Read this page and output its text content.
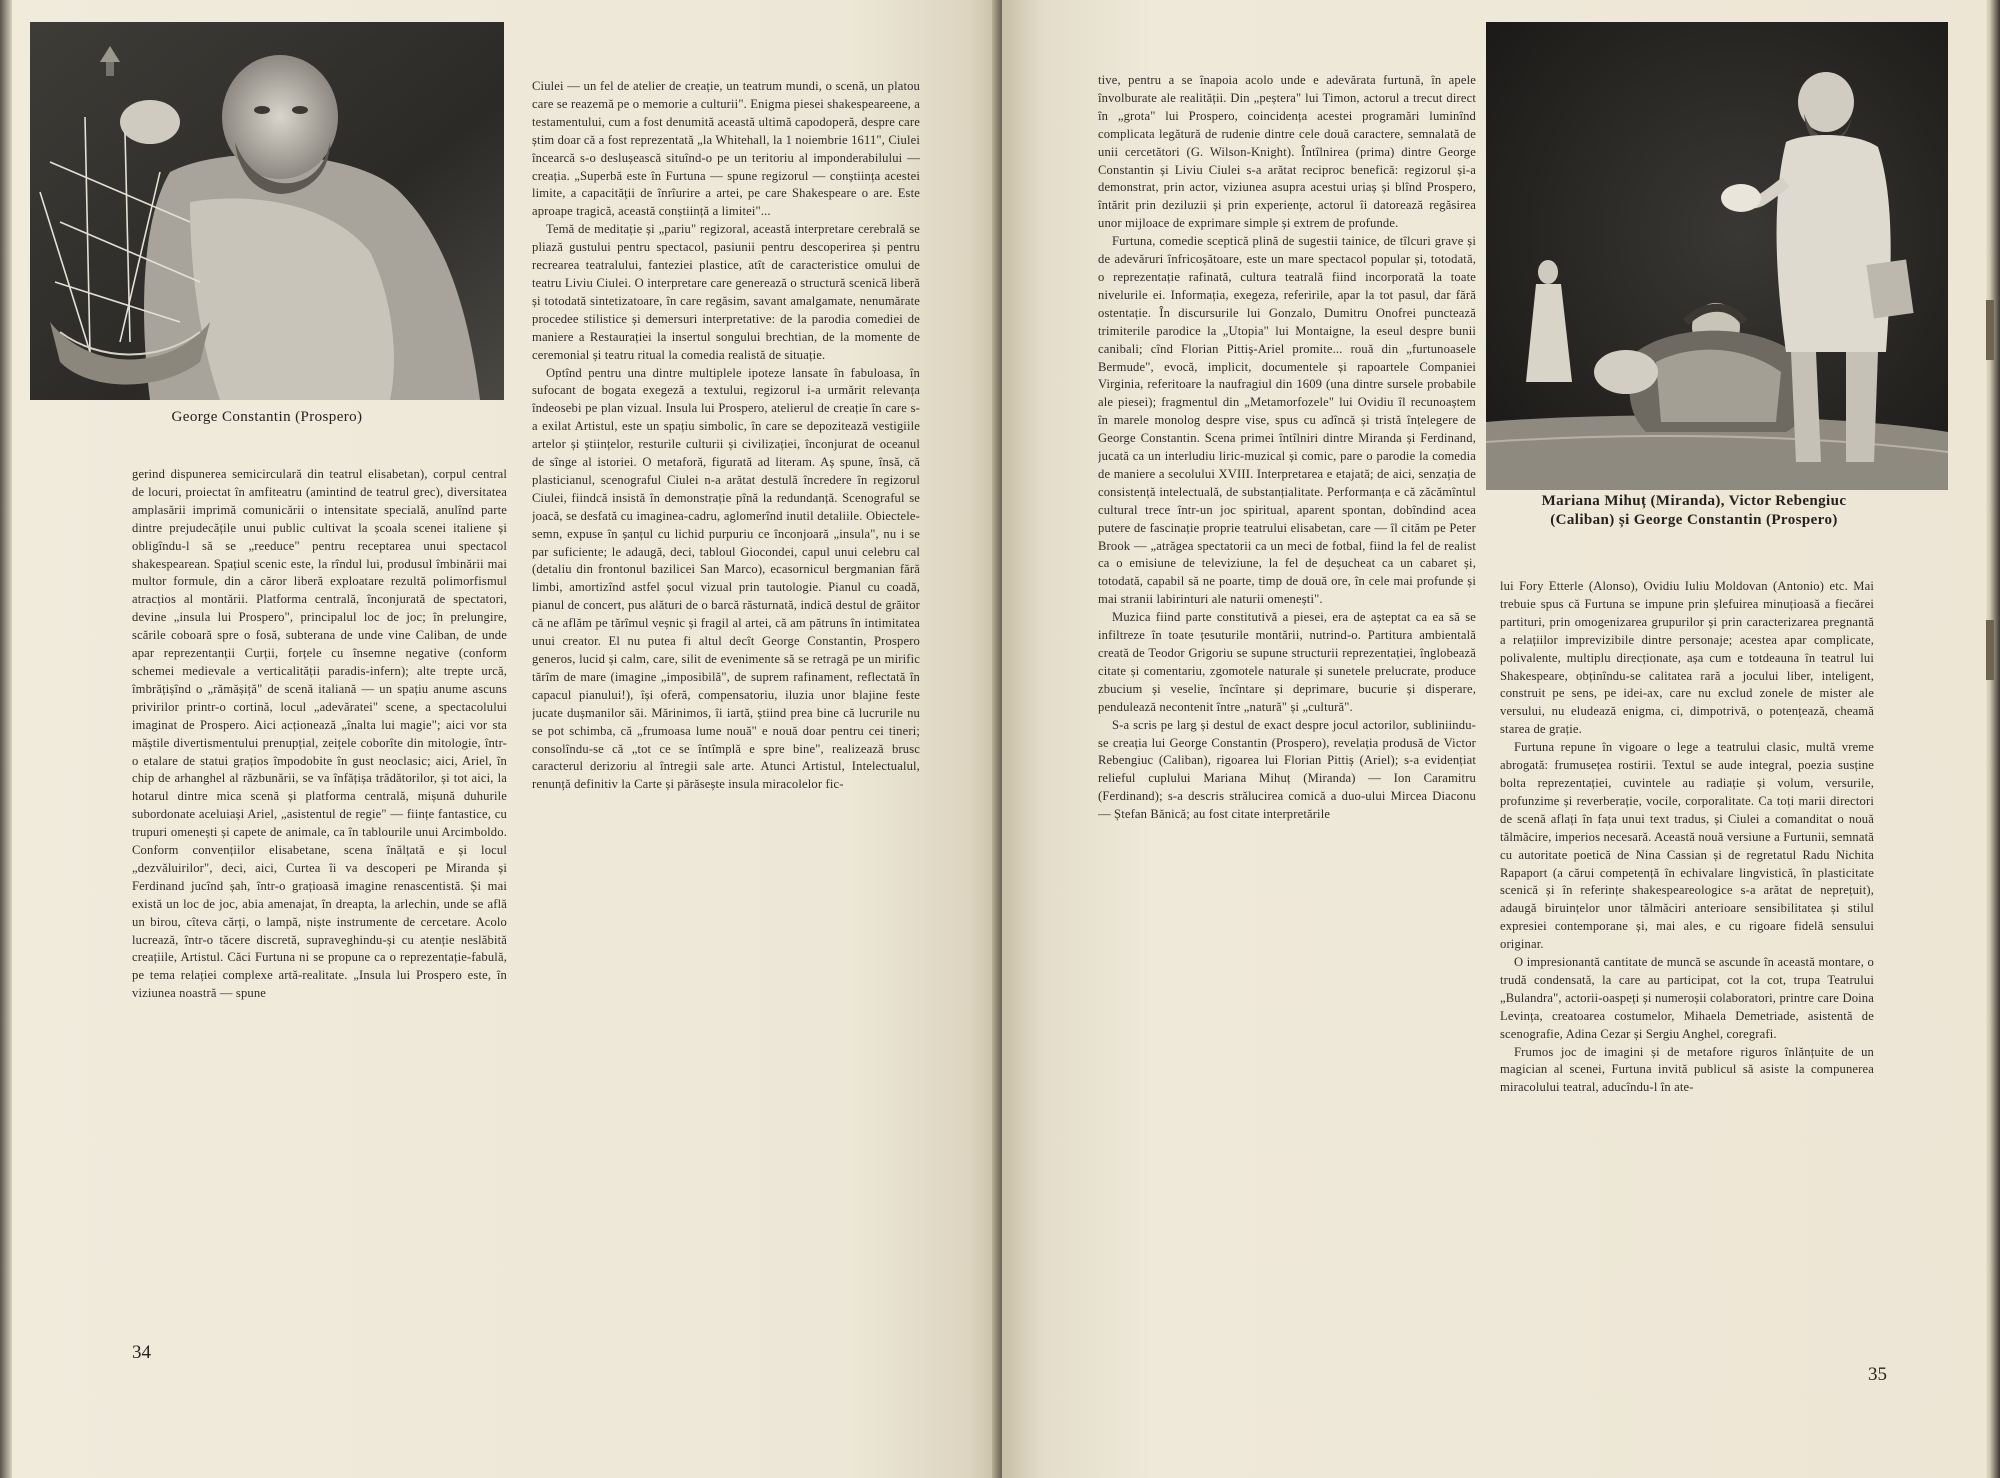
George Constantin (Prospero)

gerind dispunerea semicirculară din teatrul elisabetan), corpul central de locuri, proiectat în amfiteatru (amintind de teatrul grec), diversitatea amplasării imprimă comunicării o intensitate specială, anulînd parte dintre prejudecățile unui public cultivat la școala scenei italiene și obligîndu-l să se „reeduce" pentru receptarea unui spectacol shakespearean. Spațiul scenic este, la rîndul lui, produsul îmbinării mai multor formule, din a căror liberă exploatare rezultă polimorfismul atracțios al montării. Platforma centrală, înconjurată de spectatori, devine „insula lui Prospero", principalul loc de joc; în prelungire, scările coboară spre o fosă, subterana de unde vine Caliban, de unde apar reprezentanții Curții, forțele cu însemne negative (conform schemei medievale a verticalității paradis-infern); alte trepte urcă, îmbrățișînd o „rămășiță" de scenă italiană — un spațiu anume ascuns privirilor printr-o cortină, locul „adevăratei" scene, a spectacolului imaginat de Prospero. Aici acționează „înalta lui magie"; aici vor sta măștile divertismentului prenupțial, zeițele coborîte din mitologie, într-o etalare de statui grațios împodobite în gust neoclasic; aici, Ariel, în chip de arhanghel al răzbunării, se va înfățișa trădătorilor, și tot aici, la hotarul dintre mica scenă și platforma centrală, mișună duhurile subordonate aceluiași Ariel, „asistentul de regie" — ființe fantastice, cu trupuri omenești și capete de animale, ca în tablourile unui Arcimboldo. Conform convențiilor elisabetane, scena înălțată e și locul „dezvăluirilor", deci, aici, Curtea îi va descoperi pe Miranda și Ferdinand jucînd șah, într-o grațioasă imagine renascentistă. Și mai există un loc de joc, abia amenajat, în dreapta, la arlechin, unde se află un birou, cîteva cărți, o lampă, niște instrumente de cercetare. Acolo lucrează, într-o tăcere discretă, supraveghindu-și cu atenție neslăbită creațiile, Artistul. Căci Furtuna ni se propune ca o reprezentație-fabulă, pe tema relației complexe artă-realitate. „Insula lui Prospero este, în viziunea noastră — spune

Ciulei — un fel de atelier de creație, un teatrum mundi, o scenă, un platou care se reazemă pe o memorie a culturii". Enigma piesei shakespeareene, a testamentului, cum a fost denumită această ultimă capodoperă, despre care știm doar că a fost reprezentată „la Whitehall, la 1 noiembrie 1611", Ciulei încearcă s-o deslușească situînd-o pe un teritoriu al imponderabilului — creația. „Superbă este în Furtuna — spune regizorul — conștiința acestei limite, a capacității de înrîurire a artei, pe care Shakespeare o are. Este aproape tragică, această conștiință a limitei"...

Temă de meditație și „pariu" regizoral, această interpretare cerebrală se pliază gustului pentru spectacol, pasiunii pentru descoperirea și pentru recrearea teatralului, fanteziei plastice, atît de caracteristice omului de teatru Liviu Ciulei. O interpretare care generează o structură scenică liberă și totodată sintetizatoare, în care regăsim, savant amalgamate, nenumărate procedee stilistice și demersuri interpretative: de la parodia comediei de maniere a Restaurației la insertul songului brechtian, de la momente de ceremonial și teatru ritual la comedia realistă de situație.

Optînd pentru una dintre multiplele ipoteze lansate în fabuloasa, în sufocant de bogata exegeză a textului, regizorul i-a urmărit relevanța îndeosebi pe plan vizual. Insula lui Prospero, atelierul de creație în care s-a exilat Artistul, este un spațiu simbolic, în care se depozitează vestigiile artelor și științelor, resturile culturii și civilizației, înconjurat de oceanul de sînge al istoriei. O metaforă, figurată ad literam. Aș spune, însă, că plasticianul, scenograful Ciulei n-a arătat destulă încredere în regizorul Ciulei, fiindcă insistă în demonstrație pînă la redundanță. Scenograful se joacă, se desfată cu imaginea-cadru, aglomerînd inutil detaliile. Obiectele-semn, expuse în șanțul cu lichid purpuriu ce înconjoară „insula", nu i se par suficiente; le adaugă, deci, tabloul Giocondei, capul unui celebru cal (detaliu din frontonul bazilicei San Marco), ecasornicul bergmanian fără limbi, amortizînd astfel șocul vizual prin tautologie. Pianul cu coadă, pianul de concert, pus alături de o barcă răsturnată, indică destul de grăitor că ne aflăm pe tărîmul veșnic și fragil al artei, că am pătruns în intimitatea unui creator. El nu putea fi altul decît George Constantin, Prospero generos, lucid și calm, care, silit de evenimente să se retragă pe un mirific tărîm de mare (imagine „imposibilă", de suprem rafinament, reflectată în capacul pianului!), își oferă, compensatoriu, iluzia unor blajine feste jucate dușmanilor săi. Mărinimos, îi iartă, știind prea bine că lucrurile nu se pot schimba, că „frumoasa lume nouă" e nouă doar pentru cei tineri; consolîndu-se că „tot ce se întîmplă e spre bine", realizează brusc caracterul derizoriu al întregii sale arte. Atunci Artistul, Intelectualul, renunță definitiv la Carte și părăsește insula miracolelor fic-

34
Mariana Mihuț (Miranda), Victor Rebengiuc (Caliban) și George Constantin (Prospero)

tive, pentru a se înapoia acolo unde e adevărata furtună, în apele învolburate ale realității. Din „peștera" lui Timon, actorul a trecut direct în „grota" lui Prospero, coincidența acestei programări luminînd complicata legătură de rudenie dintre cele două caractere, semnalată de unii cercetători (G. Wilson-Knight). Întîlnirea (prima) dintre George Constantin și Liviu Ciulei s-a arătat reciproc benefică: regizorul și-a demonstrat, prin actor, viziunea asupra acestui uriaș și blînd Prospero, întărit prin deziluzii și prin experiențe, actorul îi datorează regăsirea unor mijloace de exprimare simple și extrem de profunde.

Furtuna, comedie sceptică plină de sugestii tainice, de tîlcuri grave și de adevăruri înfricoșătoare, este un mare spectacol popular și, totodată, o reprezentație rafinată, cultura teatrală fiind incorporată la toate nivelurile ei. Informația, exegeza, referirile, apar la tot pasul, dar fără ostentație. În discursurile lui Gonzalo, Dumitru Onofrei punctează trimiterile parodice la „Utopia" lui Montaigne, la eseul despre bunii canibali; cînd Florian Pittiș-Ariel promite... rouă din „furtunoasele Bermude", evocă, implicit, documentele și rapoartele Companiei Virginia, referitoare la naufragiul din 1609 (una dintre sursele probabile ale piesei); fragmentul din „Metamorfozele" lui Ovidiu îl recunoaștem în marele monolog despre vise, spus cu adîncă și tristă înțelegere de George Constantin. Scena primei întîlniri dintre Miranda și Ferdinand, jucată ca un interludiu liric-muzical și comic, pare o parodie la comedia de maniere a secolului XVIII. Interpretarea e etajată; de aici, senzația de consistență intelectuală, de substanțialitate. Performanța e că zăcămîntul cultural trece într-un joc spiritual, aparent spontan, dobîndind acea putere de fascinație proprie teatrului elisabetan, care — îl cităm pe Peter Brook — „atrăgea spectatorii ca un meci de fotbal, fiind la fel de realist ca o emisiune de televiziune, la fel de deșucheat ca un cabaret și, totodată, capabil să ne poarte, timp de două ore, în cele mai profunde și mai stranii labirinturi ale naturii omenești".

Muzica fiind parte constitutivă a piesei, era de așteptat ca ea să se infiltreze în toate țesuturile montării, nutrind-o. Partitura ambientală creată de Teodor Grigoriu se supune structurii reprezentației, înglobează citate și comentariu, zgomotele naturale și sunetele prelucrate, produce zbucium și veselie, încîntare și deprimare, bucurie și disperare, pendulează necontenit între „natură" și „cultură".

S-a scris pe larg și destul de exact despre jocul actorilor, subliniindu-se creația lui George Constantin (Prospero), revelația produsă de Victor Rebengiuc (Caliban), rigoarea lui Florian Pittiș (Ariel); s-a evidențiat relieful cuplului Mariana Mihuț (Miranda) — Ion Caramitru (Ferdinand); s-a descris strălucirea comică a duo-ului Mircea Diaconu — Ștefan Bănică; au fost citate interpretările

lui Fory Etterle (Alonso), Ovidiu Iuliu Moldovan (Antonio) etc. Mai trebuie spus că Furtuna se impune prin șlefuirea minuțioasă a fiecărei partituri, prin omogenizarea grupurilor și prin caracterizarea pregnantă a relațiilor imprevizibile dintre personaje; acestea apar complicate, polivalente, multiplu direcționate, așa cum e totdeauna în teatrul lui Shakespeare, obținîndu-se calitatea rară a jocului liber, inteligent, construit pe sens, pe idei-ax, care nu exclud zonele de mister ale versului, nu eludează enigma, ci, dimpotrivă, o potențează, cheamă starea de grație.

Furtuna repune în vigoare o lege a teatrului clasic, multă vreme abrogată: frumusețea rostirii. Textul se aude integral, poezia susține bolta reprezentației, cuvintele au radiație și volum, versurile, profunzime și reverberație, vocile, corporalitate. Ca toți marii directori de scenă aflați în fața unui text tradus, și Ciulei a comanditat o nouă tălmăcire, imperios necesară. Această nouă versiune a Furtunii, semnată cu autoritate poetică de Nina Cassian și de regretatul Radu Nichita Rapaport (a cărui competență în echivalare lingvistică, în plasticitate scenică și în referințe shakespeareologice s-a arătat de neprețuit), adaugă biruințelor unor tălmăciri anterioare sensibilitatea și stilul expresiei contemporane și, mai ales, e cu rigoare fidelă sensului originar.

O impresionantă cantitate de muncă se ascunde în această montare, o trudă condensată, la care au participat, cot la cot, trupa Teatrului „Bulandra", actorii-oaspeți și numeroșii colaboratori, printre care Doina Levința, creatoarea costumelor, Mihaela Demetriade, asistentă de scenografie, Adina Cezar și Sergiu Anghel, coregrafi.

Frumos joc de imagini și de metafore riguros înlănțuite de un magician al scenei, Furtuna invită publicul să asiste la compunerea miracolului teatral, aducîndu-l în ate-

35
